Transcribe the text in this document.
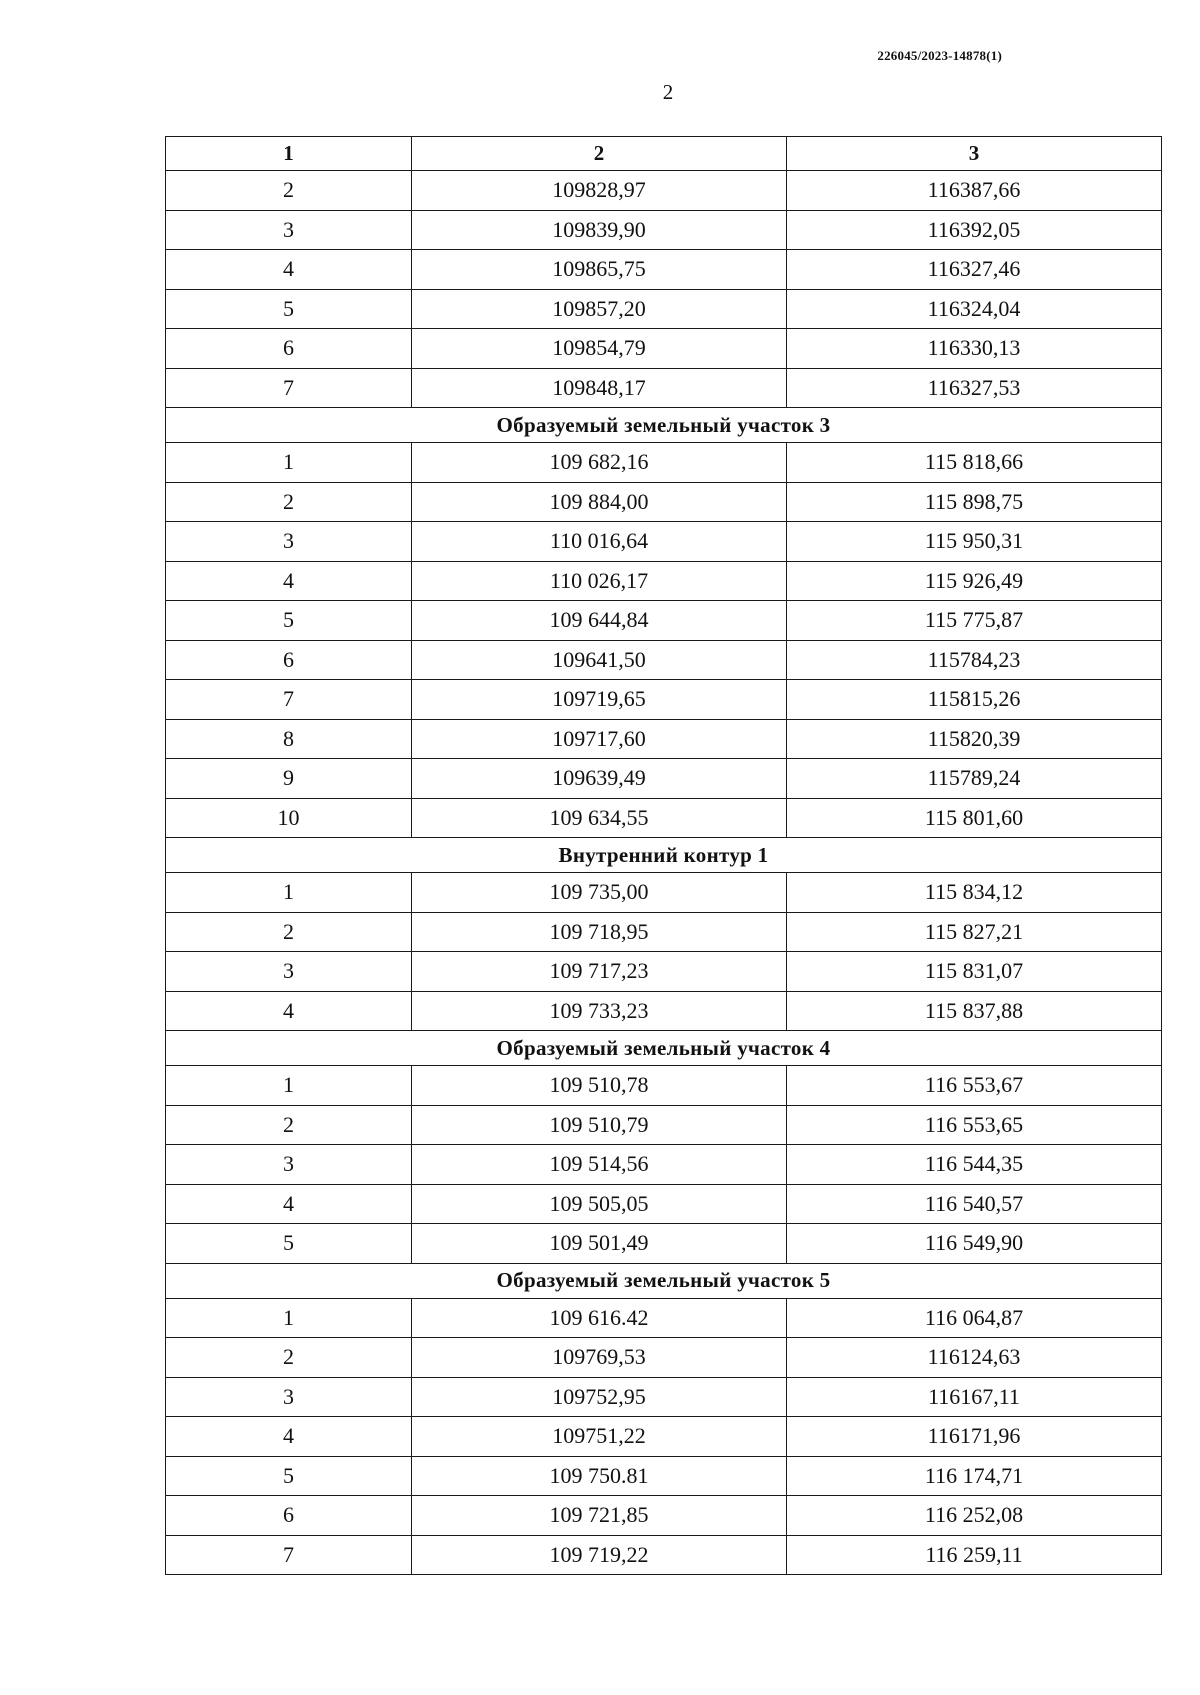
226045/2023-14878(1)
2
1	2	3
2	109828,97	116387,66
3	109839,90	116392,05
4	109865,75	116327,46
5	109857,20	116324,04
6	109854,79	116330,13
7	109848,17	116327,53
Образуемый земельный участок 3		
1	109 682,16	115 818,66
2	109 884,00	115 898,75
3	110 016,64	115 950,31
4	110 026,17	115 926,49
5	109 644,84	115 775,87
6	109641,50	115784,23
7	109719,65	115815,26
8	109717,60	115820,39
9	109639,49	115789,24
10	109 634,55	115 801,60
Внутренний контур 1		
1	109 735,00	115 834,12
2	109 718,95	115 827,21
3	109 717,23	115 831,07
4	109 733,23	115 837,88
Образуемый земельный участок 4		
1	109 510,78	116 553,67
2	109 510,79	116 553,65
3	109 514,56	116 544,35
4	109 505,05	116 540,57
5	109 501,49	116 549,90
Образуемый земельный участок 5		
1	109 616.42	116 064,87
2	109769,53	116124,63
3	109752,95	116167,11
4	109751,22	116171,96
5	109 750.81	116 174,71
6	109 721,85	116 252,08
7	109 719,22	116 259,11
